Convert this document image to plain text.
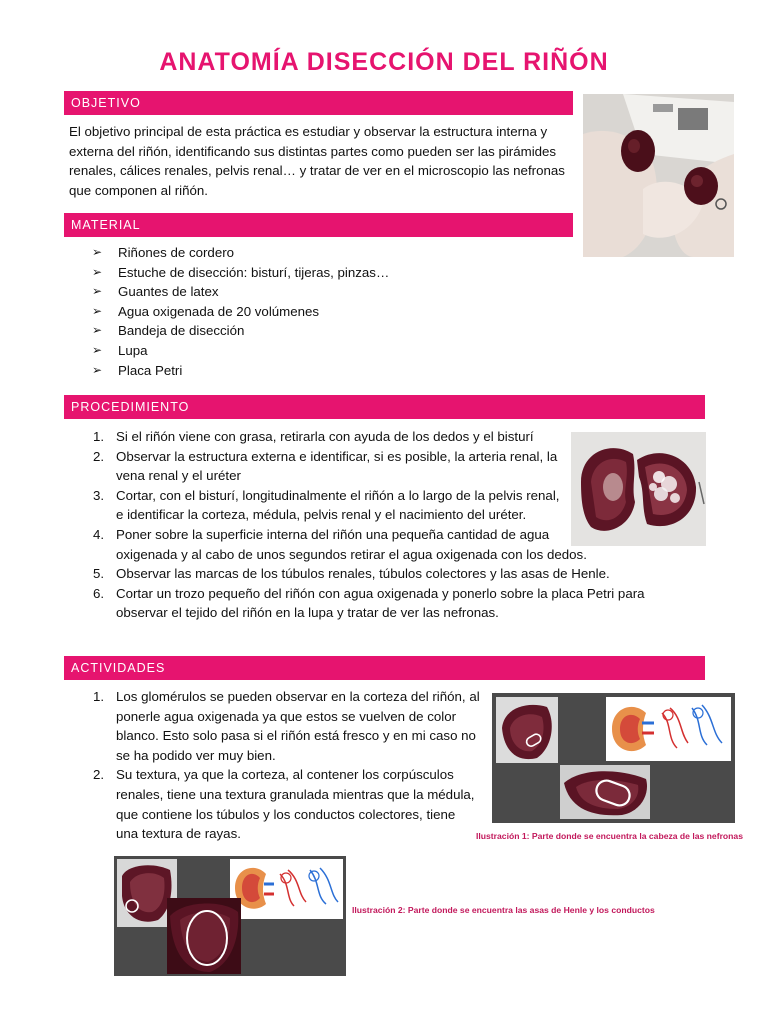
ANATOMÍA DISECCIÓN DEL RIÑÓN
OBJETIVO
El objetivo principal de esta práctica es estudiar y observar la estructura interna y externa del riñón, identificando sus distintas partes como pueden ser las pirámides renales, cálices renales, pelvis renal… y tratar de ver en el microscopio las nefronas que componen al riñón.
MATERIAL
➢ Riñones de cordero
➢ Estuche de disección: bisturí, tijeras, pinzas…
➢ Guantes de latex
➢ Agua oxigenada de 20 volúmenes
➢ Bandeja de disección
➢ Lupa
➢ Placa Petri
PROCEDIMIENTO
1. Si el riñón viene con grasa, retirarla con ayuda de los dedos y el bisturí
2. Observar la estructura externa e identificar, si es posible, la arteria renal, la vena renal y el uréter
3. Cortar, con el bisturí, longitudinalmente el riñón a lo largo de la pelvis renal, e identificar la corteza, médula, pelvis renal y el nacimiento del uréter.
4. Poner sobre la superficie interna del riñón una pequeña cantidad de agua oxigenada y al cabo de unos segundos retirar el agua oxigenada con los dedos.
5. Observar las marcas de los túbulos renales, túbulos colectores y las asas de Henle.
6. Cortar un trozo pequeño del riñón con agua oxigenada y ponerlo sobre la placa Petri para observar el tejido del riñón en la lupa y tratar de ver las nefronas.
ACTIVIDADES
1. Los glomérulos se pueden observar en la corteza del riñón, al ponerle agua oxigenada ya que estos se vuelven de color blanco. Esto solo pasa si el riñón está fresco y en mi caso no se ha podido ver muy bien.
2. Su textura, ya que la corteza, al contener los corpúsculos renales, tiene una textura granulada mientras que la médula, que contiene los túbulos y los conductos colectores, tiene una textura de rayas.	Ilustración 1: Parte donde se encuentra la cabeza de las nefronas
Ilustración 2: Parte donde se encuentra las asas de Henle y los conductos
